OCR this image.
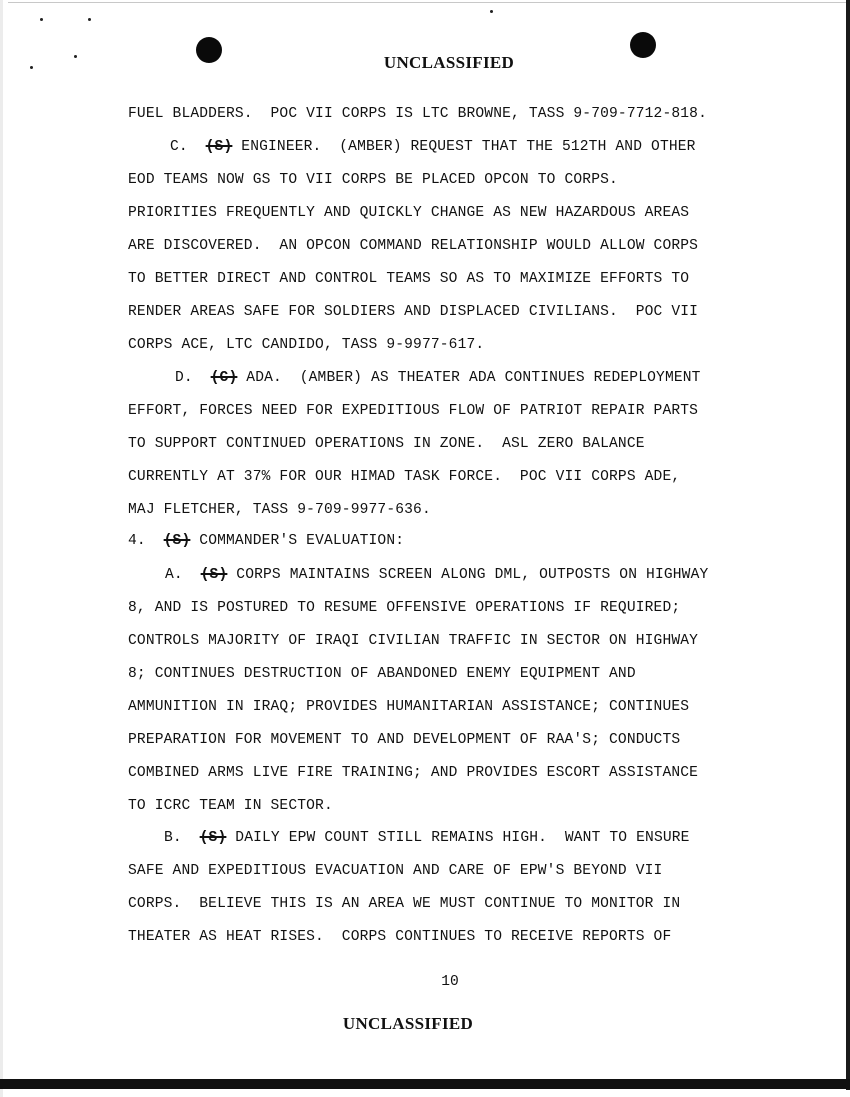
UNCLASSIFIED
FUEL BLADDERS.  POC VII CORPS IS LTC BROWNE, TASS 9-709-7712-818.
C.  (S) ENGINEER.  (AMBER) REQUEST THAT THE 512TH AND OTHER
EOD TEAMS NOW GS TO VII CORPS BE PLACED OPCON TO CORPS.
PRIORITIES FREQUENTLY AND QUICKLY CHANGE AS NEW HAZARDOUS AREAS
ARE DISCOVERED.  AN OPCON COMMAND RELATIONSHIP WOULD ALLOW CORPS
TO BETTER DIRECT AND CONTROL TEAMS SO AS TO MAXIMIZE EFFORTS TO
RENDER AREAS SAFE FOR SOLDIERS AND DISPLACED CIVILIANS.  POC VII
CORPS ACE, LTC CANDIDO, TASS 9-9977-617.
D.  (C) ADA.  (AMBER) AS THEATER ADA CONTINUES REDEPLOYMENT
EFFORT, FORCES NEED FOR EXPEDITIOUS FLOW OF PATRIOT REPAIR PARTS
TO SUPPORT CONTINUED OPERATIONS IN ZONE.  ASL ZERO BALANCE
CURRENTLY AT 37% FOR OUR HIMAD TASK FORCE.  POC VII CORPS ADE,
MAJ FLETCHER, TASS 9-709-9977-636.
4.  (S) COMMANDER'S EVALUATION:
A.  (S) CORPS MAINTAINS SCREEN ALONG DML, OUTPOSTS ON HIGHWAY
8, AND IS POSTURED TO RESUME OFFENSIVE OPERATIONS IF REQUIRED;
CONTROLS MAJORITY OF IRAQI CIVILIAN TRAFFIC IN SECTOR ON HIGHWAY
8; CONTINUES DESTRUCTION OF ABANDONED ENEMY EQUIPMENT AND
AMMUNITION IN IRAQ; PROVIDES HUMANITARIAN ASSISTANCE; CONTINUES
PREPARATION FOR MOVEMENT TO AND DEVELOPMENT OF RAA'S; CONDUCTS
COMBINED ARMS LIVE FIRE TRAINING; AND PROVIDES ESCORT ASSISTANCE
TO ICRC TEAM IN SECTOR.
B.  (S) DAILY EPW COUNT STILL REMAINS HIGH.  WANT TO ENSURE
SAFE AND EXPEDITIOUS EVACUATION AND CARE OF EPW'S BEYOND VII
CORPS.  BELIEVE THIS IS AN AREA WE MUST CONTINUE TO MONITOR IN
THEATER AS HEAT RISES.  CORPS CONTINUES TO RECEIVE REPORTS OF
10
UNCLASSIFIED
